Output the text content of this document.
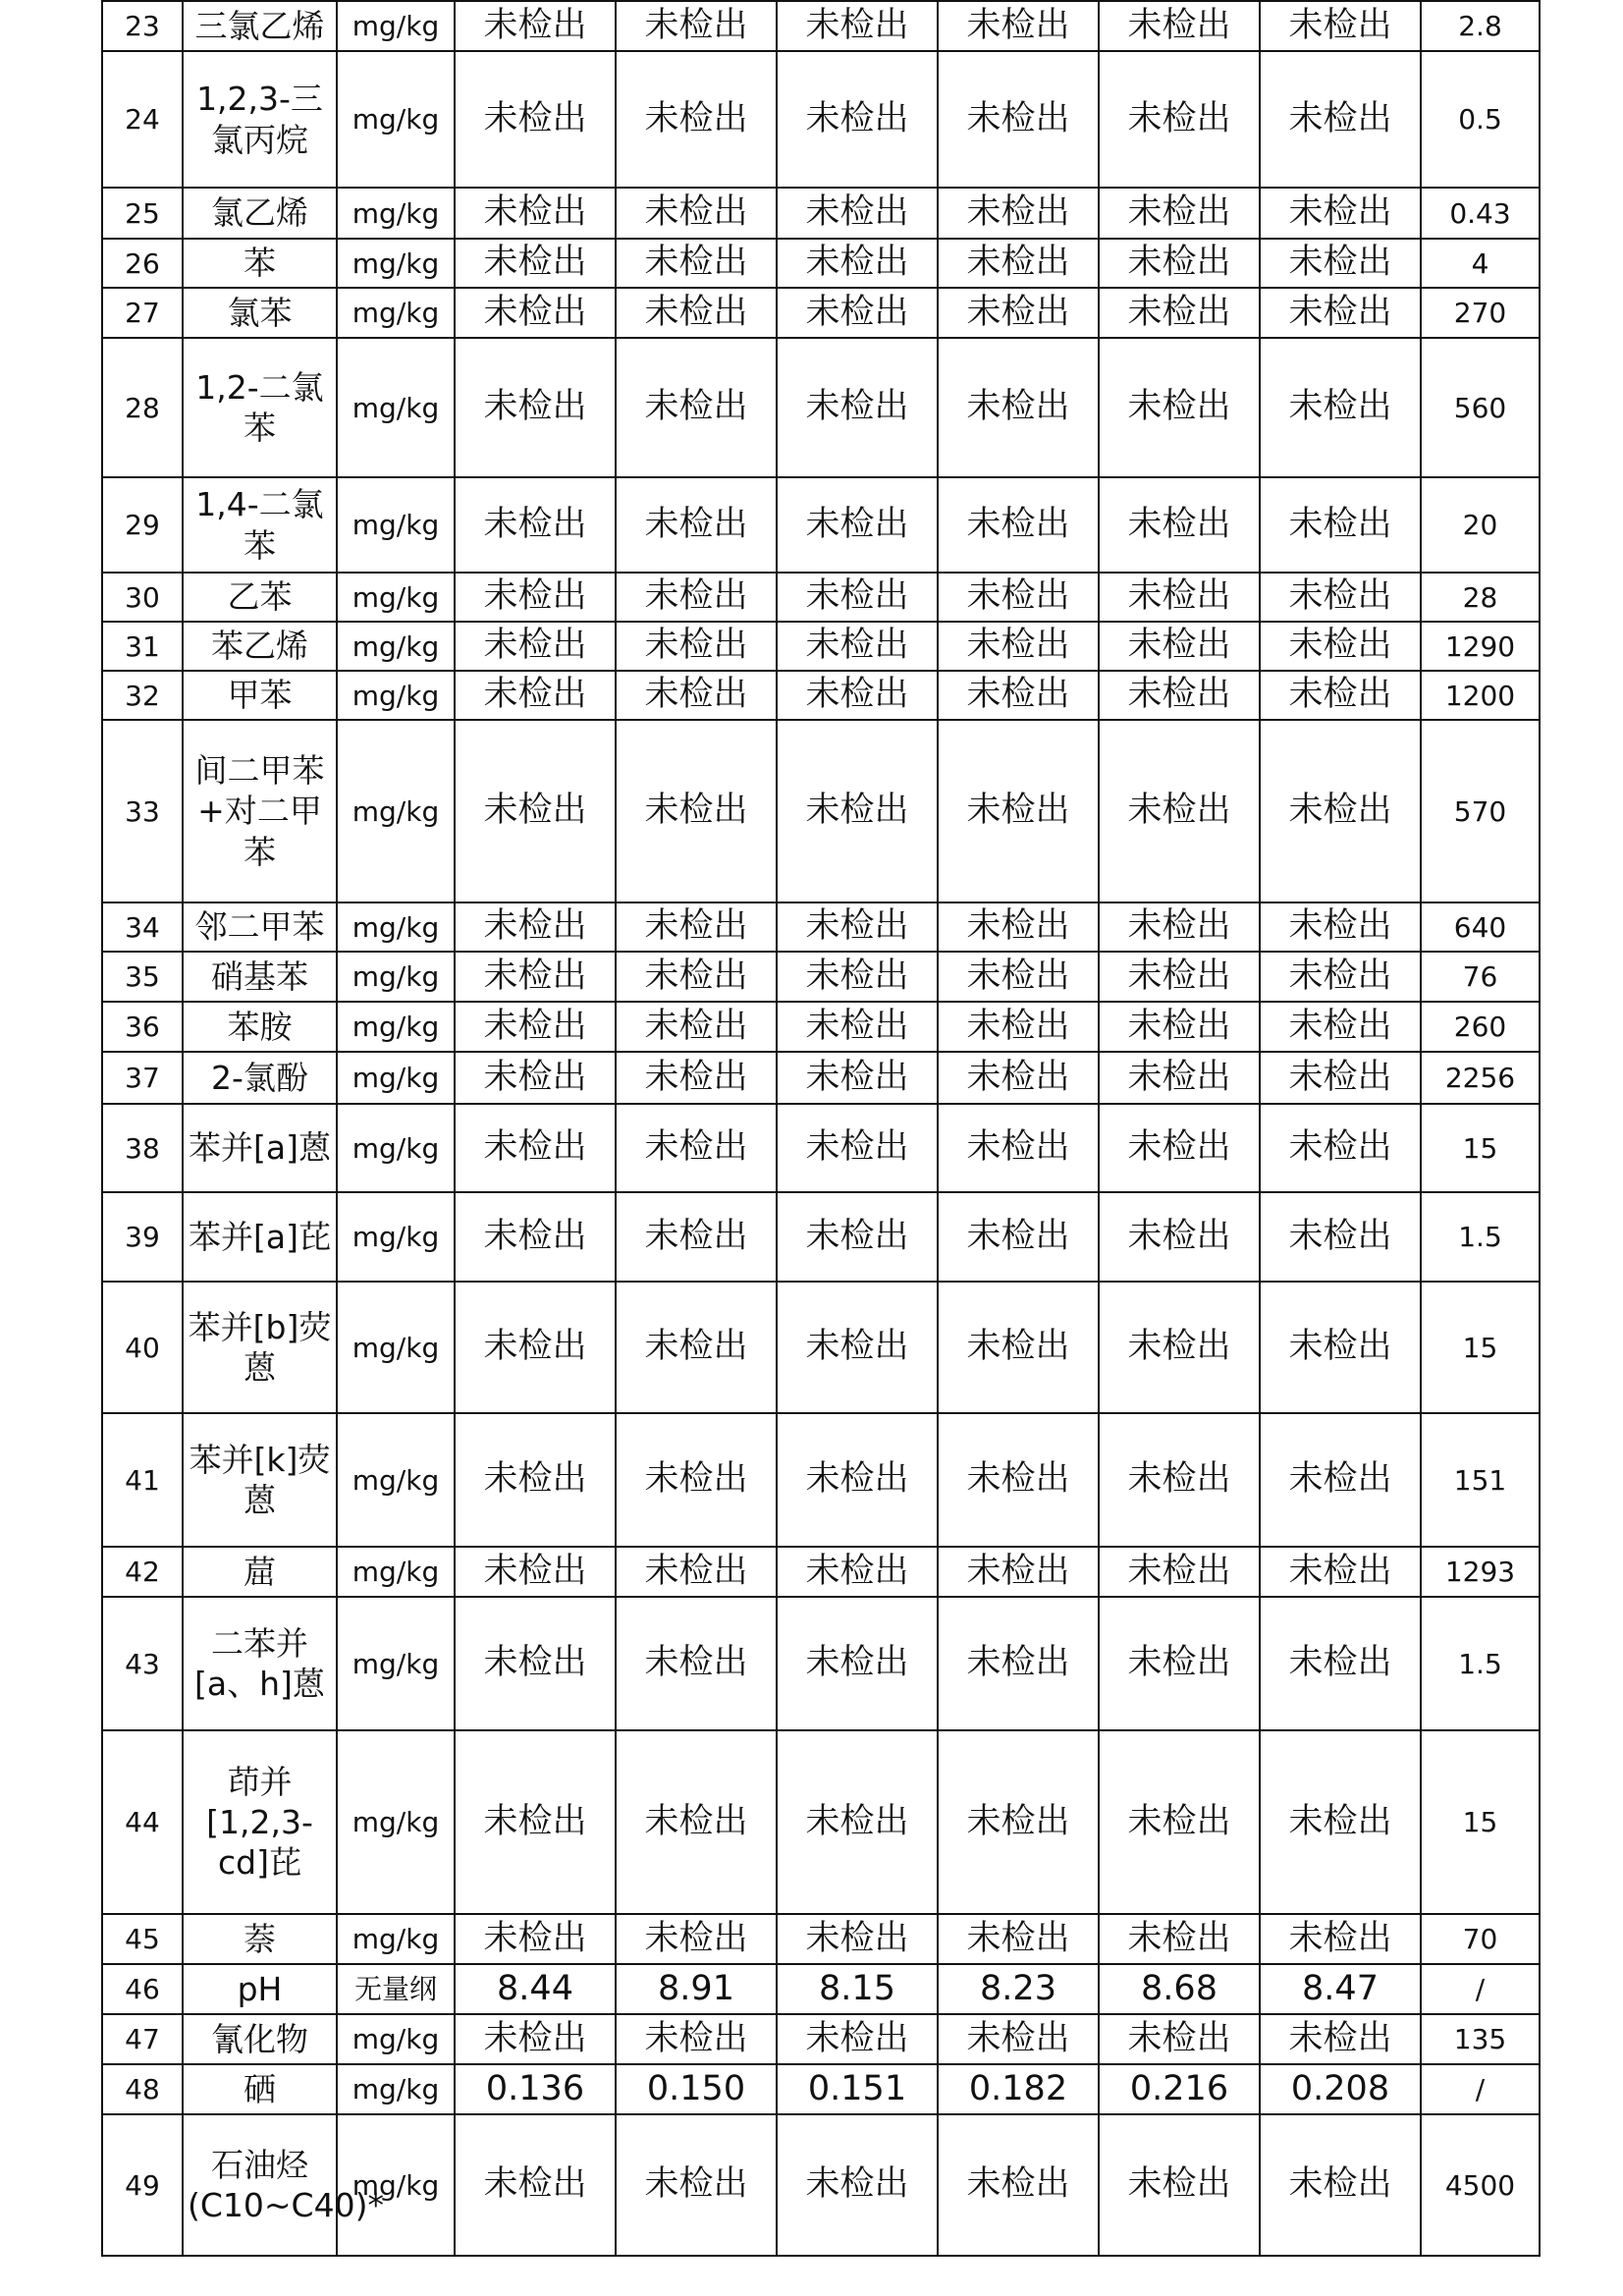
23	三氯乙烯	mg/kg	未检出	未检出	未检出	未检出	未检出	未检出	2.8
24	1,2,3-三 氯丙烷	mg/kg	未检出	未检出	未检出	未检出	未检出	未检出	0.5
25	氯乙烯	mg/kg	未检出	未检出	未检出	未检出	未检出	未检出	0.43
26	苯	mg/kg	未检出	未检出	未检出	未检出	未检出	未检出	4
27	氯苯	mg/kg	未检出	未检出	未检出	未检出	未检出	未检出	270
28	1,2-二氯苯	mg/kg	未检出	未检出	未检出	未检出	未检出	未检出	560
29	1,4-二氯苯	mg/kg	未检出	未检出	未检出	未检出	未检出	未检出	20
30	乙苯	mg/kg	未检出	未检出	未检出	未检出	未检出	未检出	28
31	苯乙烯	mg/kg	未检出	未检出	未检出	未检出	未检出	未检出	1290
32	甲苯	mg/kg	未检出	未检出	未检出	未检出	未检出	未检出	1200
33	间二甲苯+对二甲苯	mg/kg	未检出	未检出	未检出	未检出	未检出	未检出	570
34	邻二甲苯	mg/kg	未检出	未检出	未检出	未检出	未检出	未检出	640
35	硝基苯	mg/kg	未检出	未检出	未检出	未检出	未检出	未检出	76
36	苯胺	mg/kg	未检出	未检出	未检出	未检出	未检出	未检出	260
37	2-氯酚	mg/kg	未检出	未检出	未检出	未检出	未检出	未检出	2256
38	苯并[a]蒽	mg/kg	未检出	未检出	未检出	未检出	未检出	未检出	15
39	苯并[a]芘	mg/kg	未检出	未检出	未检出	未检出	未检出	未检出	1.5
40	苯并[b]荧蒽	mg/kg	未检出	未检出	未检出	未检出	未检出	未检出	15
41	苯并[k]荧蒽	mg/kg	未检出	未检出	未检出	未检出	未检出	未检出	151
42	䓛	mg/kg	未检出	未检出	未检出	未检出	未检出	未检出	1293
43	二苯并[a、h]蒽	mg/kg	未检出	未检出	未检出	未检出	未检出	未检出	1.5
44	茚并[1,2,3-cd]芘	mg/kg	未检出	未检出	未检出	未检出	未检出	未检出	15
45	萘	mg/kg	未检出	未检出	未检出	未检出	未检出	未检出	70
46	pH	无量纲	8.44	8.91	8.15	8.23	8.68	8.47	/
47	氰化物	mg/kg	未检出	未检出	未检出	未检出	未检出	未检出	135
48	硒	mg/kg	0.136	0.150	0.151	0.182	0.216	0.208	/
49	石油烃(C10~C40)*	mg/kg	未检出	未检出	未检出	未检出	未检出	未检出	4500
